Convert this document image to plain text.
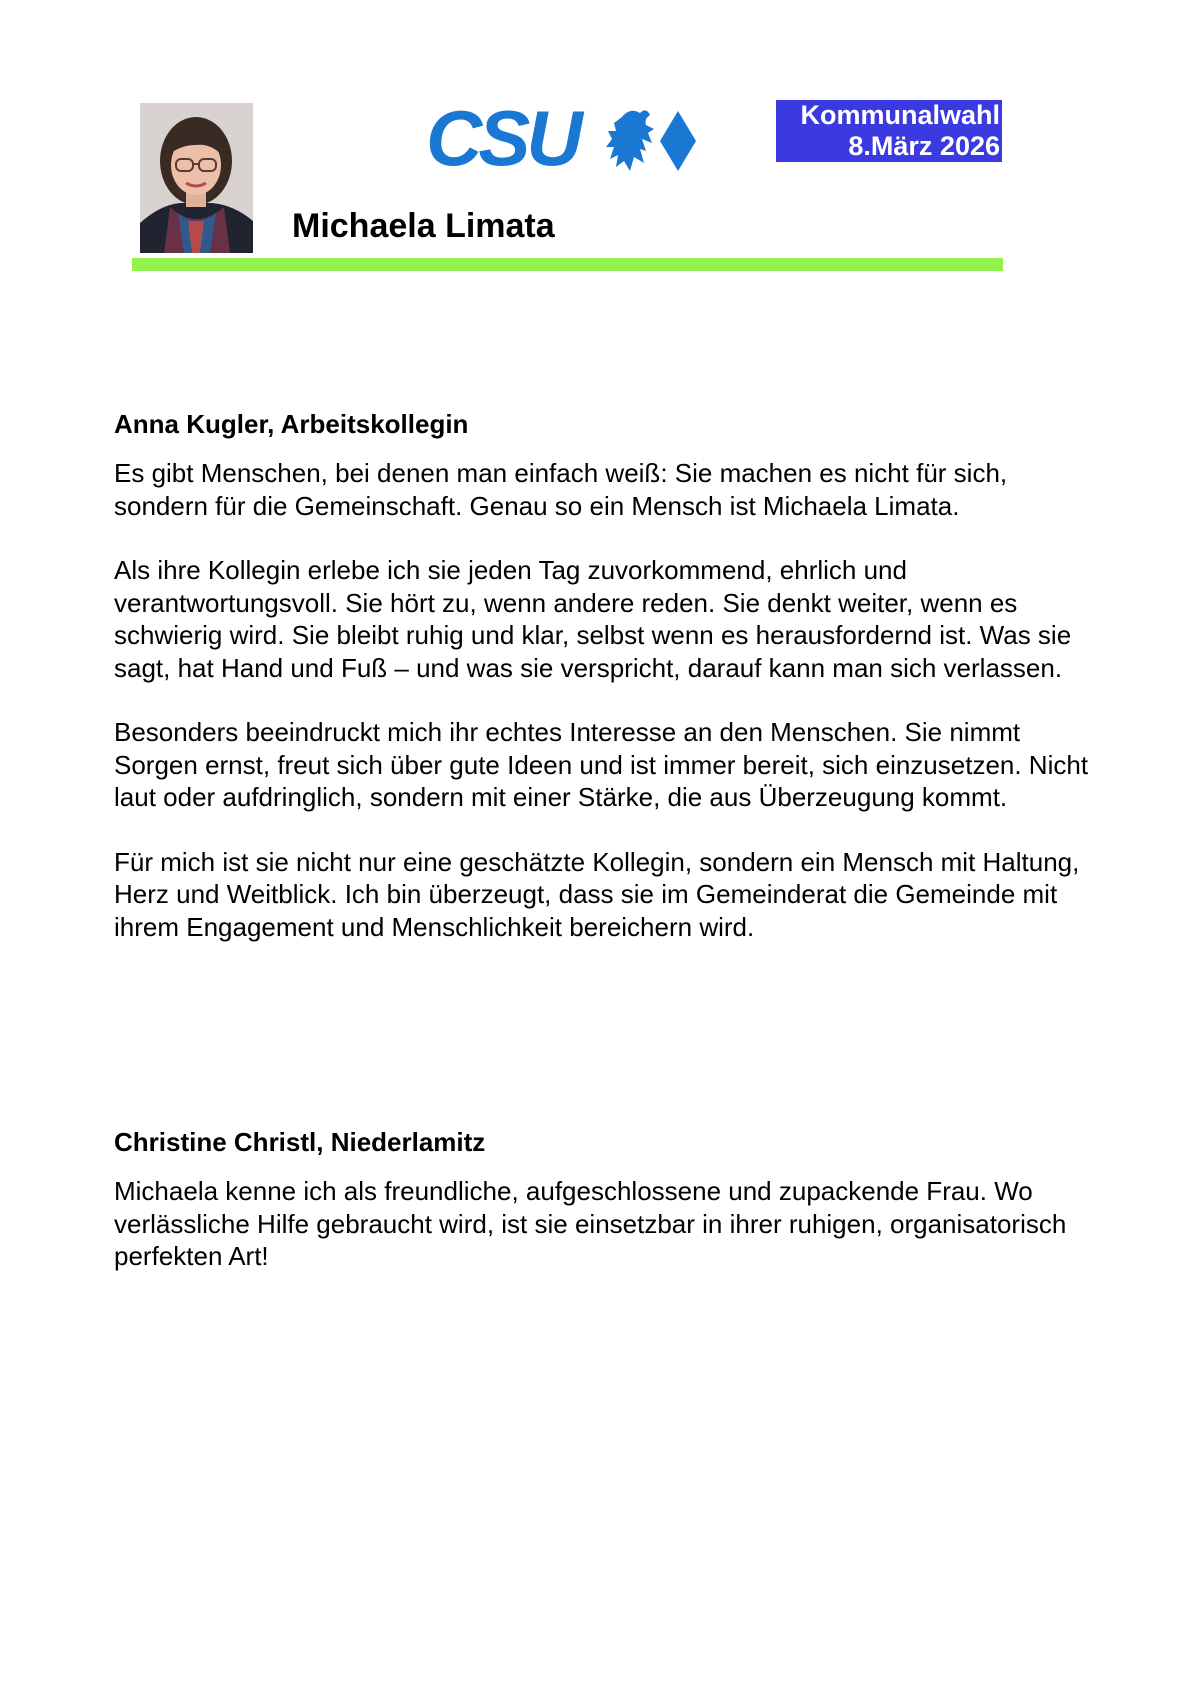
CSU	Kommunalwahl
8.März 2026
Michaela Limata
Anna Kugler, Arbeitskollegin

Es gibt Menschen, bei denen man einfach weiß: Sie machen es nicht für sich, sondern für die Gemeinschaft. Genau so ein Mensch ist Michaela Limata.

Als ihre Kollegin erlebe ich sie jeden Tag zuvorkommend, ehrlich und verantwortungsvoll. Sie hört zu, wenn andere reden. Sie denkt weiter, wenn es schwierig wird. Sie bleibt ruhig und klar, selbst wenn es herausfordernd ist. Was sie sagt, hat Hand und Fuß – und was sie verspricht, darauf kann man sich verlassen.

Besonders beeindruckt mich ihr echtes Interesse an den Menschen. Sie nimmt Sorgen ernst, freut sich über gute Ideen und ist immer bereit, sich einzusetzen. Nicht laut oder aufdringlich, sondern mit einer Stärke, die aus Überzeugung kommt.

Für mich ist sie nicht nur eine geschätzte Kollegin, sondern ein Mensch mit Haltung, Herz und Weitblick. Ich bin überzeugt, dass sie im Gemeinderat die Gemeinde mit ihrem Engagement und Menschlichkeit bereichern wird.

Christine Christl, Niederlamitz

Michaela kenne ich als freundliche, aufgeschlossene und zupackende Frau. Wo verlässliche Hilfe gebraucht wird, ist sie einsetzbar in ihrer ruhigen, organisatorisch perfekten Art!
